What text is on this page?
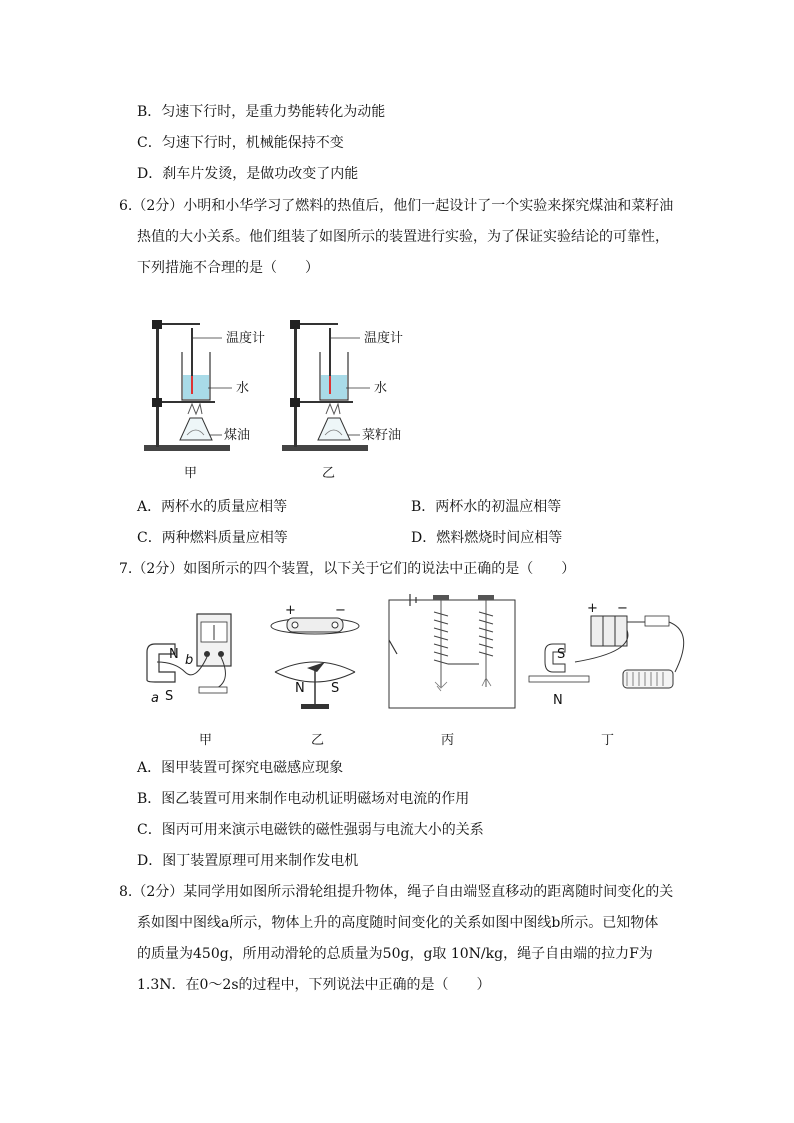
B．匀速下行时，是重力势能转化为动能
C．匀速下行时，机械能保持不变
D．刹车片发烫，是做功改变了内能
6.（2分）小明和小华学习了燃料的热值后，他们一起设计了一个实验来探究煤油和菜籽油
热值的大小关系。他们组装了如图所示的装置进行实验，为了保证实验结论的可靠性，
下列措施不合理的是（　　）
温度计
水
煤油
甲
温度计
水
菜籽油
乙
A．两杯水的质量应相等	B．两杯水的初温应相等
C．两种燃料质量应相等	D．燃料燃烧时间应相等
7.（2分）如图所示的四个装置，以下关于它们的说法中正确的是（　　）
N b
S
a
甲
+	−
N S
乙	丙
+ −
S
N
丁
A．图甲装置可探究电磁感应现象
B．图乙装置可用来制作电动机证明磁场对电流的作用
C．图丙可用来演示电磁铁的磁性强弱与电流大小的关系
D．图丁装置原理可用来制作发电机
8.（2分）某同学用如图所示滑轮组提升物体，绳子自由端竖直移动的距离随时间变化的关
系如图中图线a所示，物体上升的高度随时间变化的关系如图中图线b所示。已知物体
的质量为450g，所用动滑轮的总质量为50g，g取 10N/kg，绳子自由端的拉力F为
1.3N．在0～2s的过程中，下列说法中正确的是（　　）
